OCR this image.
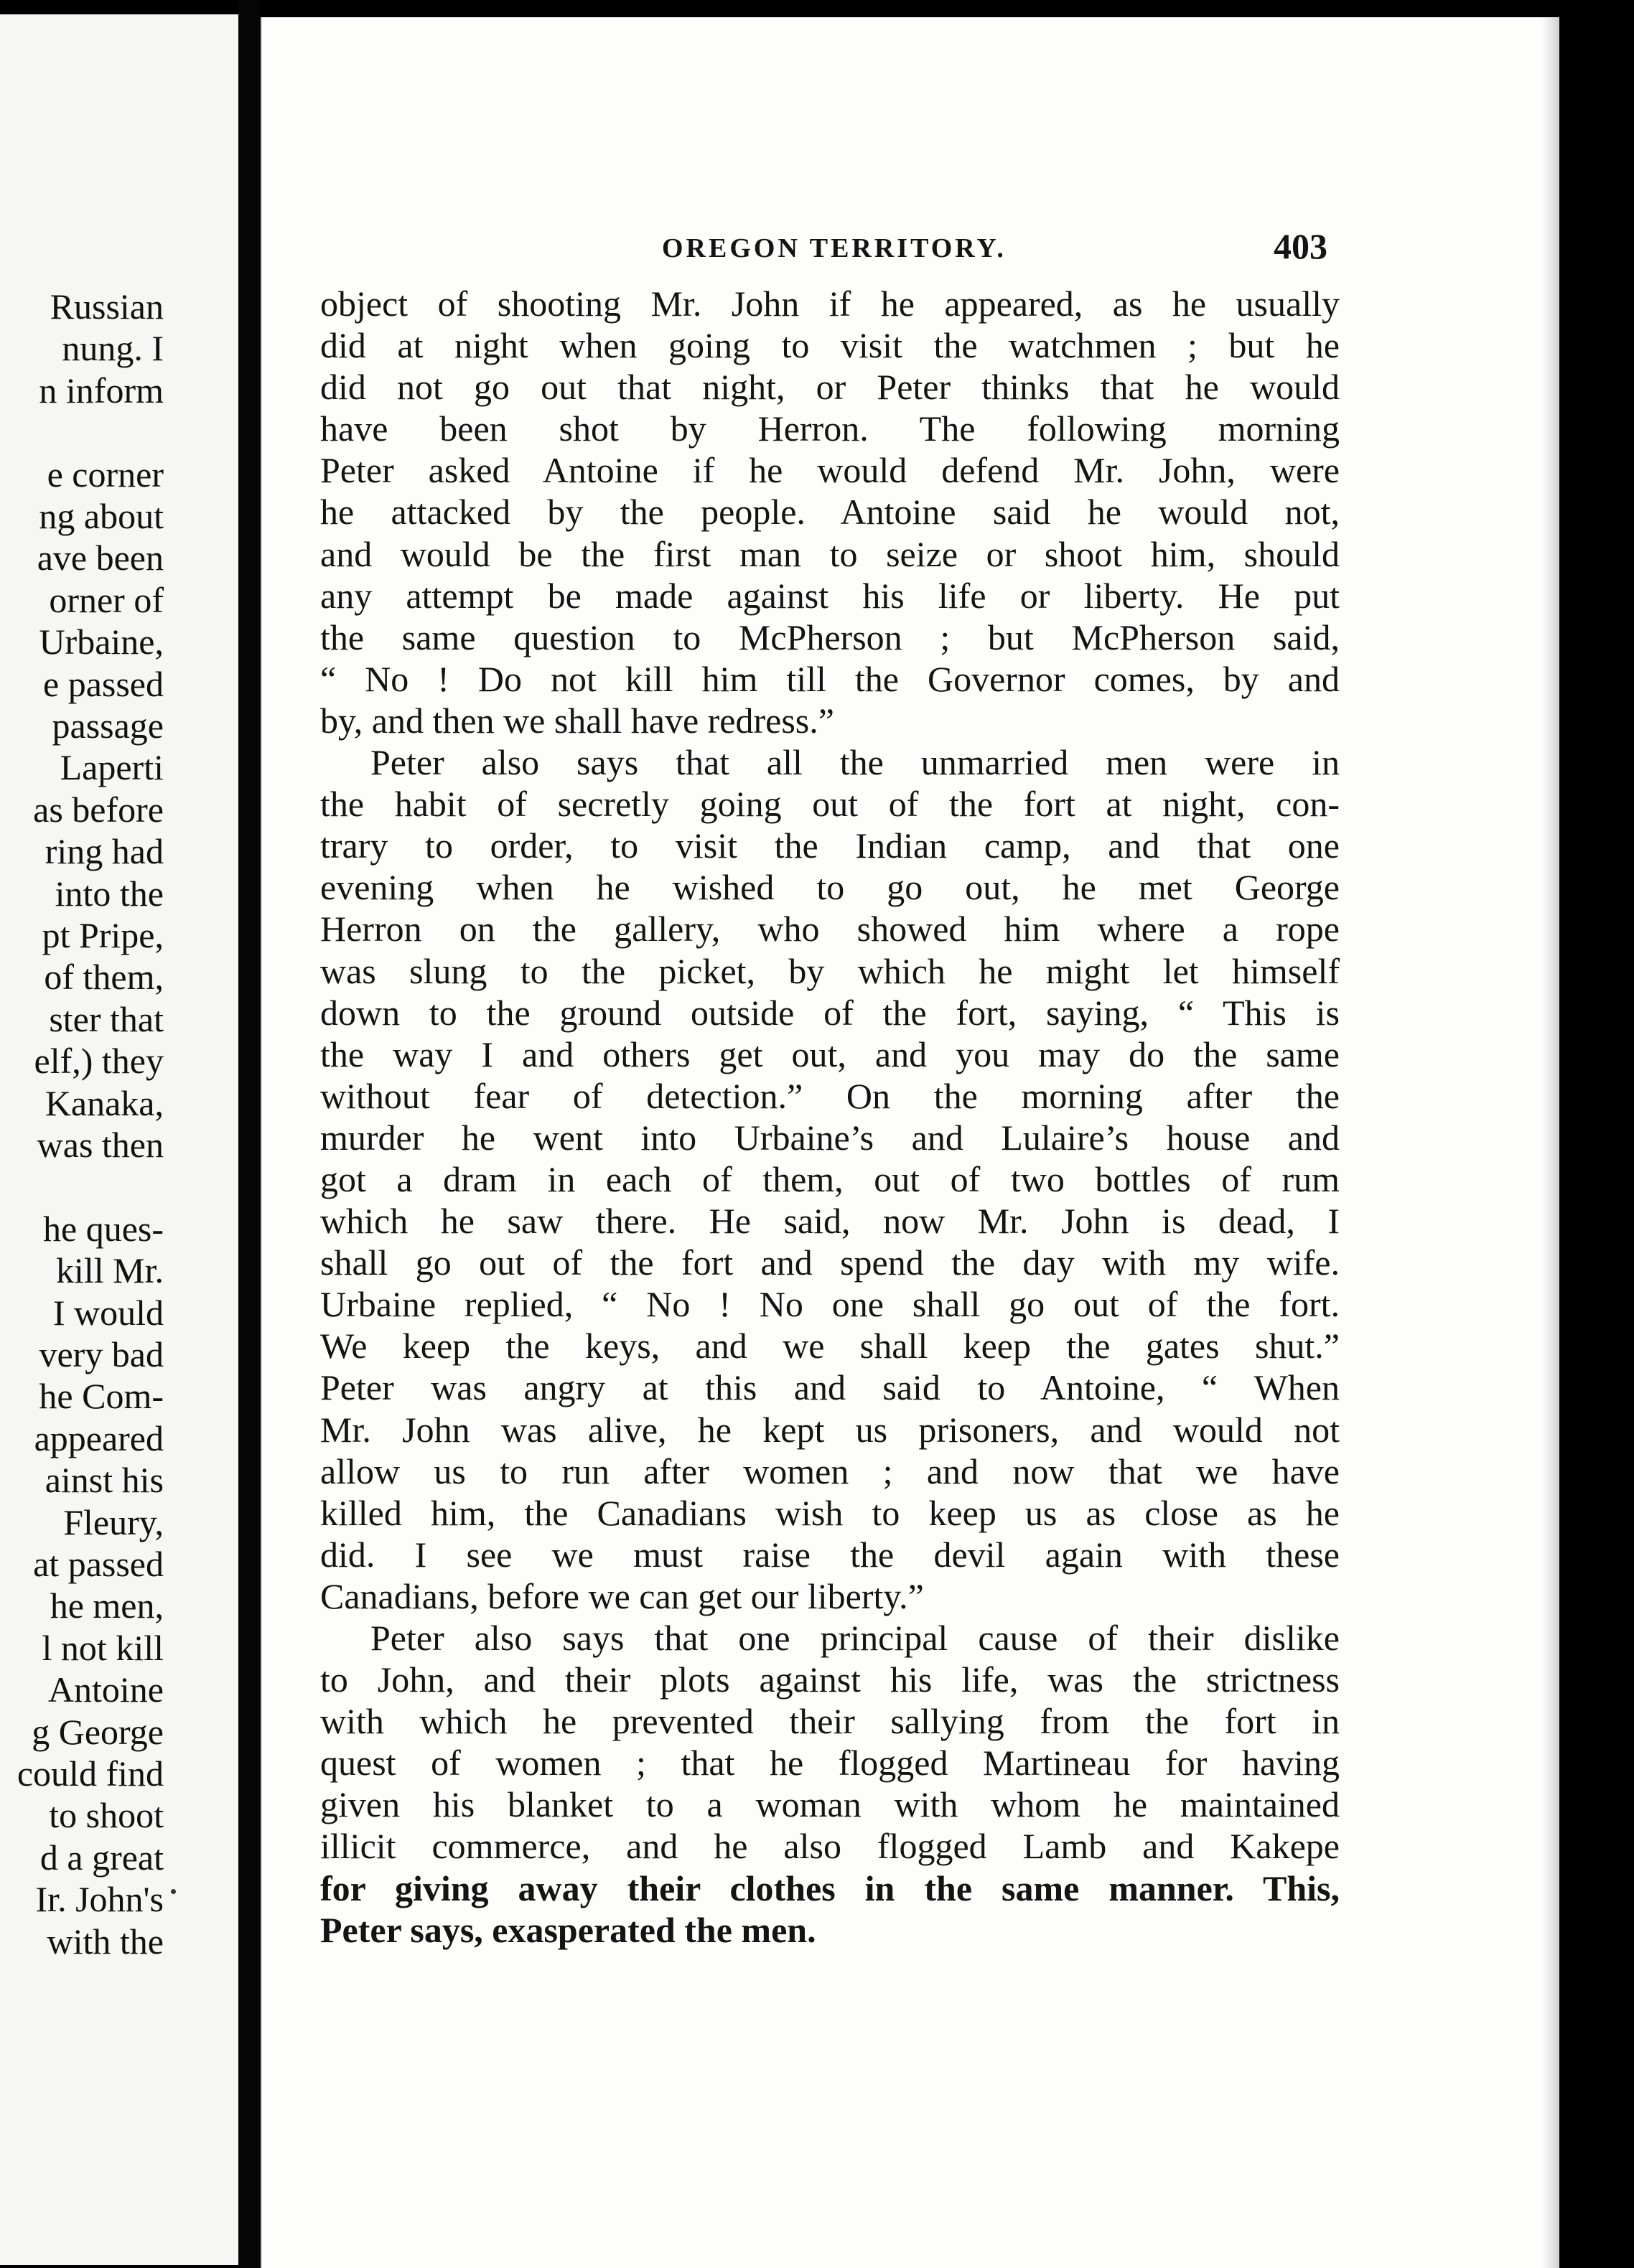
Russian
nung. I
n inform
e corner
ng about
ave been
orner of
Urbaine,
e passed
passage
Laperti
as before
ring had
into the
pt Pripe,
of them,
ster that
elf,) they
Kanaka,
was then
he ques-
kill Mr.
I would
very bad
he Com-
appeared
ainst his
Fleury,
at passed
he men,
l not kill
Antoine
g George
could find
to shoot
d a great
Ir. John's
with the
OREGON TERRITORY.	403
object of shooting Mr. John if he appeared, as he usually
did at night when going to visit the watchmen ; but he
did not go out that night, or Peter thinks that he would
have been shot by Herron. The following morning
Peter asked Antoine if he would defend Mr. John, were
he attacked by the people. Antoine said he would not,
and would be the first man to seize or shoot him, should
any attempt be made against his life or liberty. He put
the same question to McPherson ; but McPherson said,
“ No ! Do not kill him till the Governor comes, by and
by, and then we shall have redress.”
Peter also says that all the unmarried men were in
the habit of secretly going out of the fort at night, con-
trary to order, to visit the Indian camp, and that one
evening when he wished to go out, he met George
Herron on the gallery, who showed him where a rope
was slung to the picket, by which he might let himself
down to the ground outside of the fort, saying, “ This is
the way I and others get out, and you may do the same
without fear of detection.” On the morning after the
murder he went into Urbaine’s and Lulaire’s house and
got a dram in each of them, out of two bottles of rum
which he saw there. He said, now Mr. John is dead, I
shall go out of the fort and spend the day with my wife.
Urbaine replied, “ No ! No one shall go out of the fort.
We keep the keys, and we shall keep the gates shut.”
Peter was angry at this and said to Antoine, “ When
Mr. John was alive, he kept us prisoners, and would not
allow us to run after women ; and now that we have
killed him, the Canadians wish to keep us as close as he
did. I see we must raise the devil again with these
Canadians, before we can get our liberty.”
Peter also says that one principal cause of their dislike
to John, and their plots against his life, was the strictness
with which he prevented their sallying from the fort in
quest of women ; that he flogged Martineau for having
given his blanket to a woman with whom he maintained
illicit commerce, and he also flogged Lamb and Kakepe
for giving away their clothes in the same manner. This,
Peter says, exasperated the men.
